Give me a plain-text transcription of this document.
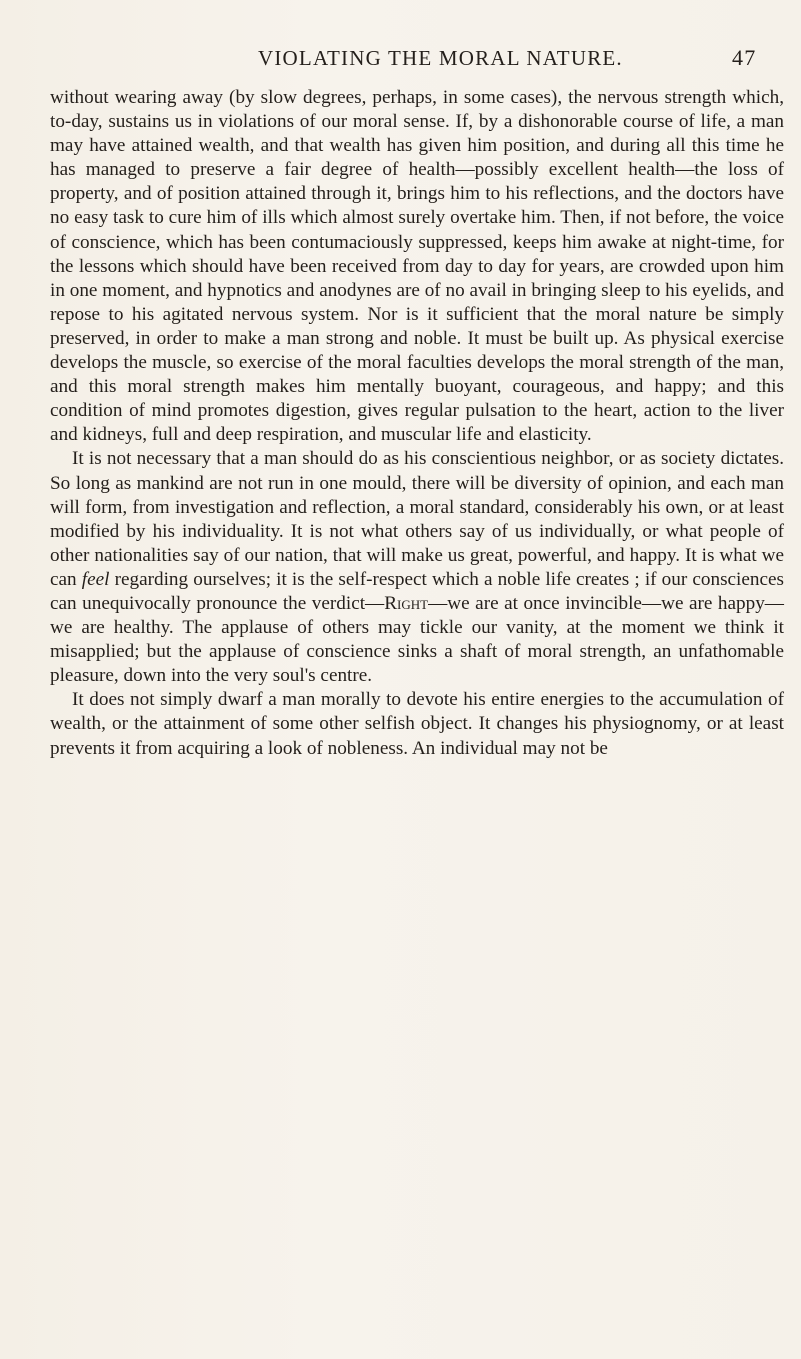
VIOLATING THE MORAL NATURE.	47

without wearing away (by slow degrees, perhaps, in some cases), the nervous strength which, to-day, sustains us in violations of our moral sense. If, by a dishonorable course of life, a man may have attained wealth, and that wealth has given him position, and during all this time he has managed to preserve a fair degree of health—possibly excellent health—the loss of property, and of position attained through it, brings him to his reflections, and the doctors have no easy task to cure him of ills which almost surely overtake him. Then, if not before, the voice of conscience, which has been contumaciously suppressed, keeps him awake at night-time, for the lessons which should have been received from day to day for years, are crowded upon him in one moment, and hypnotics and anodynes are of no avail in bringing sleep to his eyelids, and repose to his agitated nervous system. Nor is it sufficient that the moral nature be simply preserved, in order to make a man strong and noble. It must be built up. As physical exercise develops the muscle, so exercise of the moral faculties develops the moral strength of the man, and this moral strength makes him mentally buoyant, courageous, and happy; and this condition of mind promotes digestion, gives regular pulsation to the heart, action to the liver and kidneys, full and deep respiration, and muscular life and elasticity.

It is not necessary that a man should do as his conscientious neighbor, or as society dictates. So long as mankind are not run in one mould, there will be diversity of opinion, and each man will form, from investigation and reflection, a moral standard, considerably his own, or at least modified by his individuality. It is not what others say of us individually, or what people of other nationalities say of our nation, that will make us great, powerful, and happy. It is what we can feel regarding ourselves; it is the self-respect which a noble life creates ; if our consciences can unequivocally pronounce the verdict—Right—we are at once invincible—we are happy—we are healthy. The applause of others may tickle our vanity, at the moment we think it misapplied; but the applause of conscience sinks a shaft of moral strength, an unfathomable pleasure, down into the very soul's centre.

It does not simply dwarf a man morally to devote his entire energies to the accumulation of wealth, or the attainment of some other selfish object. It changes his physiognomy, or at least prevents it from acquiring a look of nobleness. An individual may not be
